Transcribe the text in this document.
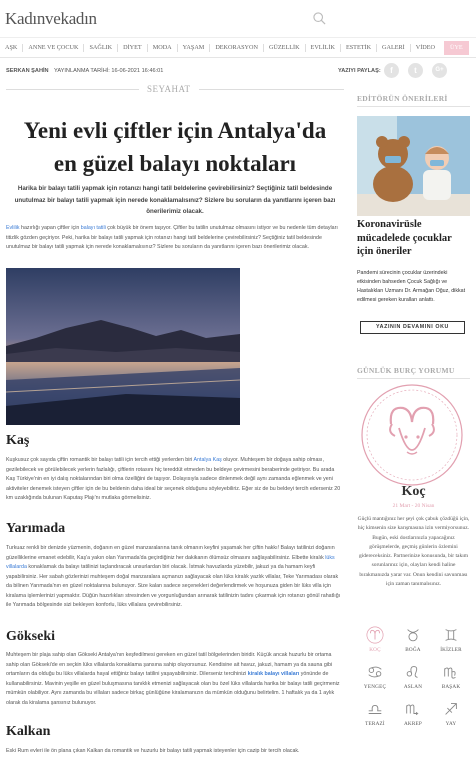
Kadınvekadın
AŞK	ANNE VE ÇOCUK	SAĞLIK	DİYET	MODA	YAŞAM	DEKORASYON	GÜZELLİK	EVLİLİK	ESTETİK	GALERİ	VİDEO	ÜYE
SERKAN ŞAHİN YAYINLANMA TARİHİ: 16-06-2021 16:46:01	YAZIYI PAYLAŞ:	f	t	G+
SEYAHAT
Yeni evli çiftler için Antalya'da
en güzel balayı noktaları
Harika bir balayı tatili yapmak için rotanızı hangi tatil beldelerine çevirebilirsiniz? Seçtiğiniz tatil beldesinde unutulmaz bir balayı tatili yapmak için nerede konaklamalısınız? Sizlere bu soruların da yanıtlarını içeren bazı önerilerimiz olacak.
Evlilik hazırlığı yapan çiftler için balayı tatili çok büyük bir önem taşıyor. Çiftler bu tatilin unutulmaz olmasını istiyor ve bu nedenle tüm detayları titizlik gözden geçiriyor. Peki, harika bir balayı tatili yapmak için rotanızı hangi tatil beldelerine çevirebilirsiniz? Seçtiğiniz tatil beldesinde unutulmaz bir balayı tatili yapmak için nerede konaklamalısınız? Sizlere bu soruların da yanıtlarını içeren bazı önerilerimiz olacak.
Kaş
Kuşkusuz çok sayıda çiftin romantik bir balayı tatili için tercih ettiği yerlerden biri Antalya Kaş oluyor. Muhteşem bir doğaya sahip olması, gezilebilecek ve görülebilecek yerlerin fazlalığı, çiftlerin rotasını hiç tereddüt etmeden bu beldeye çevirmesini beraberinde getiriyor. Bu arada Kaş Türkiye'nin en iyi dalış noktalarından biri olma özelliğini de taşıyor. Dolayısıyla sadece dinlenmek değil aynı zamanda eğlenmek ve yeni aktiviteler denemek isteyen çiftler için de bu beldenin daha ideal bir seçenek olduğunu söyleyebiliriz. Eğer siz de bu beldeyi tercih ederseniz 20 km uzaklığında bulunan Kaputaş Plajı'nı mutlaka görmelisiniz.
Yarımada
Turkuaz renkli bir denizde yüzmenin, doğanın en güzel manzaralarına tanık olmanın keyfini yaşamak her çiftin hakkı! Balayı tatilinizi doğanın güzelliklerine emanet edebilir, Kaş'a yakın olan Yarımada'da geçirdiğiniz her dakikanın ölümsüz olmasını sağlayabilirsiniz. Elbette kiralık lüks villalarda konaklamak da balayı tatilinizi taçlandıracak unsurlardan biri olacak. İstmak havuzlarda yüzebilir, jakuzi ya da hamam keyfi yapabilirsiniz. Her sabah gözlerinizi muhteşem doğal manzaralara açmanızı sağlayacak olan lüks kiralık yazlık villalar, Teke Yarımadası olarak da bilinen Yarımada'nın en güzel noktalarına bulunuyor. Size kalan sadece seçenekleri değerlendirmek ve hoşunuza giden bir lüks villa için kiralama işlemlerinizi yapmaktır. Düğün hazırlıkları stresinden ve yorgunluğundan arınarak tatilinizin tadını çıkarmak için rotanızı gönül rahatlığı ile Yarımada bölgesinde sizi bekleyen konforlu, lüks villalara çevirebilirsiniz.
Gökseki
Muhteşem bir plaja sahip olan Gökseki Antalya'nın keşfedilmesi gereken en güzel tatil bölgelerinden biridir. Küçük ancak huzurlu bir ortama sahip olan Gökseki'de en seçkin lüks villalarda konaklama şansına sahip oluyorsunuz. Kendisine ait havuz, jakuzi, hamam ya da sauna gibi ortamların da olduğu bu lüks villalarda hayal ettiğiniz balayı tatilini yaşayabilirsiniz. Dilerseniz tercihinizi kiralık balayı villaları yönünde de kullanabilirsiniz. Mavinin yeşille en güzel buluşmasına tanıklık etmenizi sağlayacak olan bu özel lüks villalarda harika bir balayı tatili geçirmeniz mümkün olabiliyor. Aynı zamanda bu villaları sadece birkaç günlüğüne kiralamanızın da mümkün olduğunu belirtelim. 1 haftalık ya da 1 aylık olarak da kiralama şansınız bulunuyor.
Kalkan
Eski Rum evleri ile ön plana çıkan Kalkan da romantik ve huzurlu bir balayı tatili yapmak isteyenler için cazip bir tercih olacak.
EDİTÖRÜN ÖNERİLERİ
Koronavirüsle mücadelede çocuklar için öneriler
Pandemi sürecinin çocuklar üzerindeki etkisinden bahseden Çocuk Sağlığı ve Hastalıkları Uzmanı Dr. Armağan Oğuz, dikkat edilmesi gereken kuralları anlattı.
YAZININ DEVAMINI OKU
GÜNLÜK BURÇ YORUMU
Koç
21 Mart - 20 Nisan
Güçlü mantığınız her şeyi çok çabuk çözdüğü için, hiç kimsenin size karışmasına izin vermiyorsunuz. Bugün, eski dostlarınızla yapacağınız görüşmelerde, geçmiş günlerin özlemini gidereceksiniz. Partnerinize konusunda, bir takım sorunlarınız için, olayları kendi haline bırakmanızda yarar var. Onun kendini savunması için zaman tanımalısınız.
KOÇ	BOĞA	İKİZLER
YENGEÇ	ASLAN	BAŞAK
TERAZİ	AKREP	YAY
